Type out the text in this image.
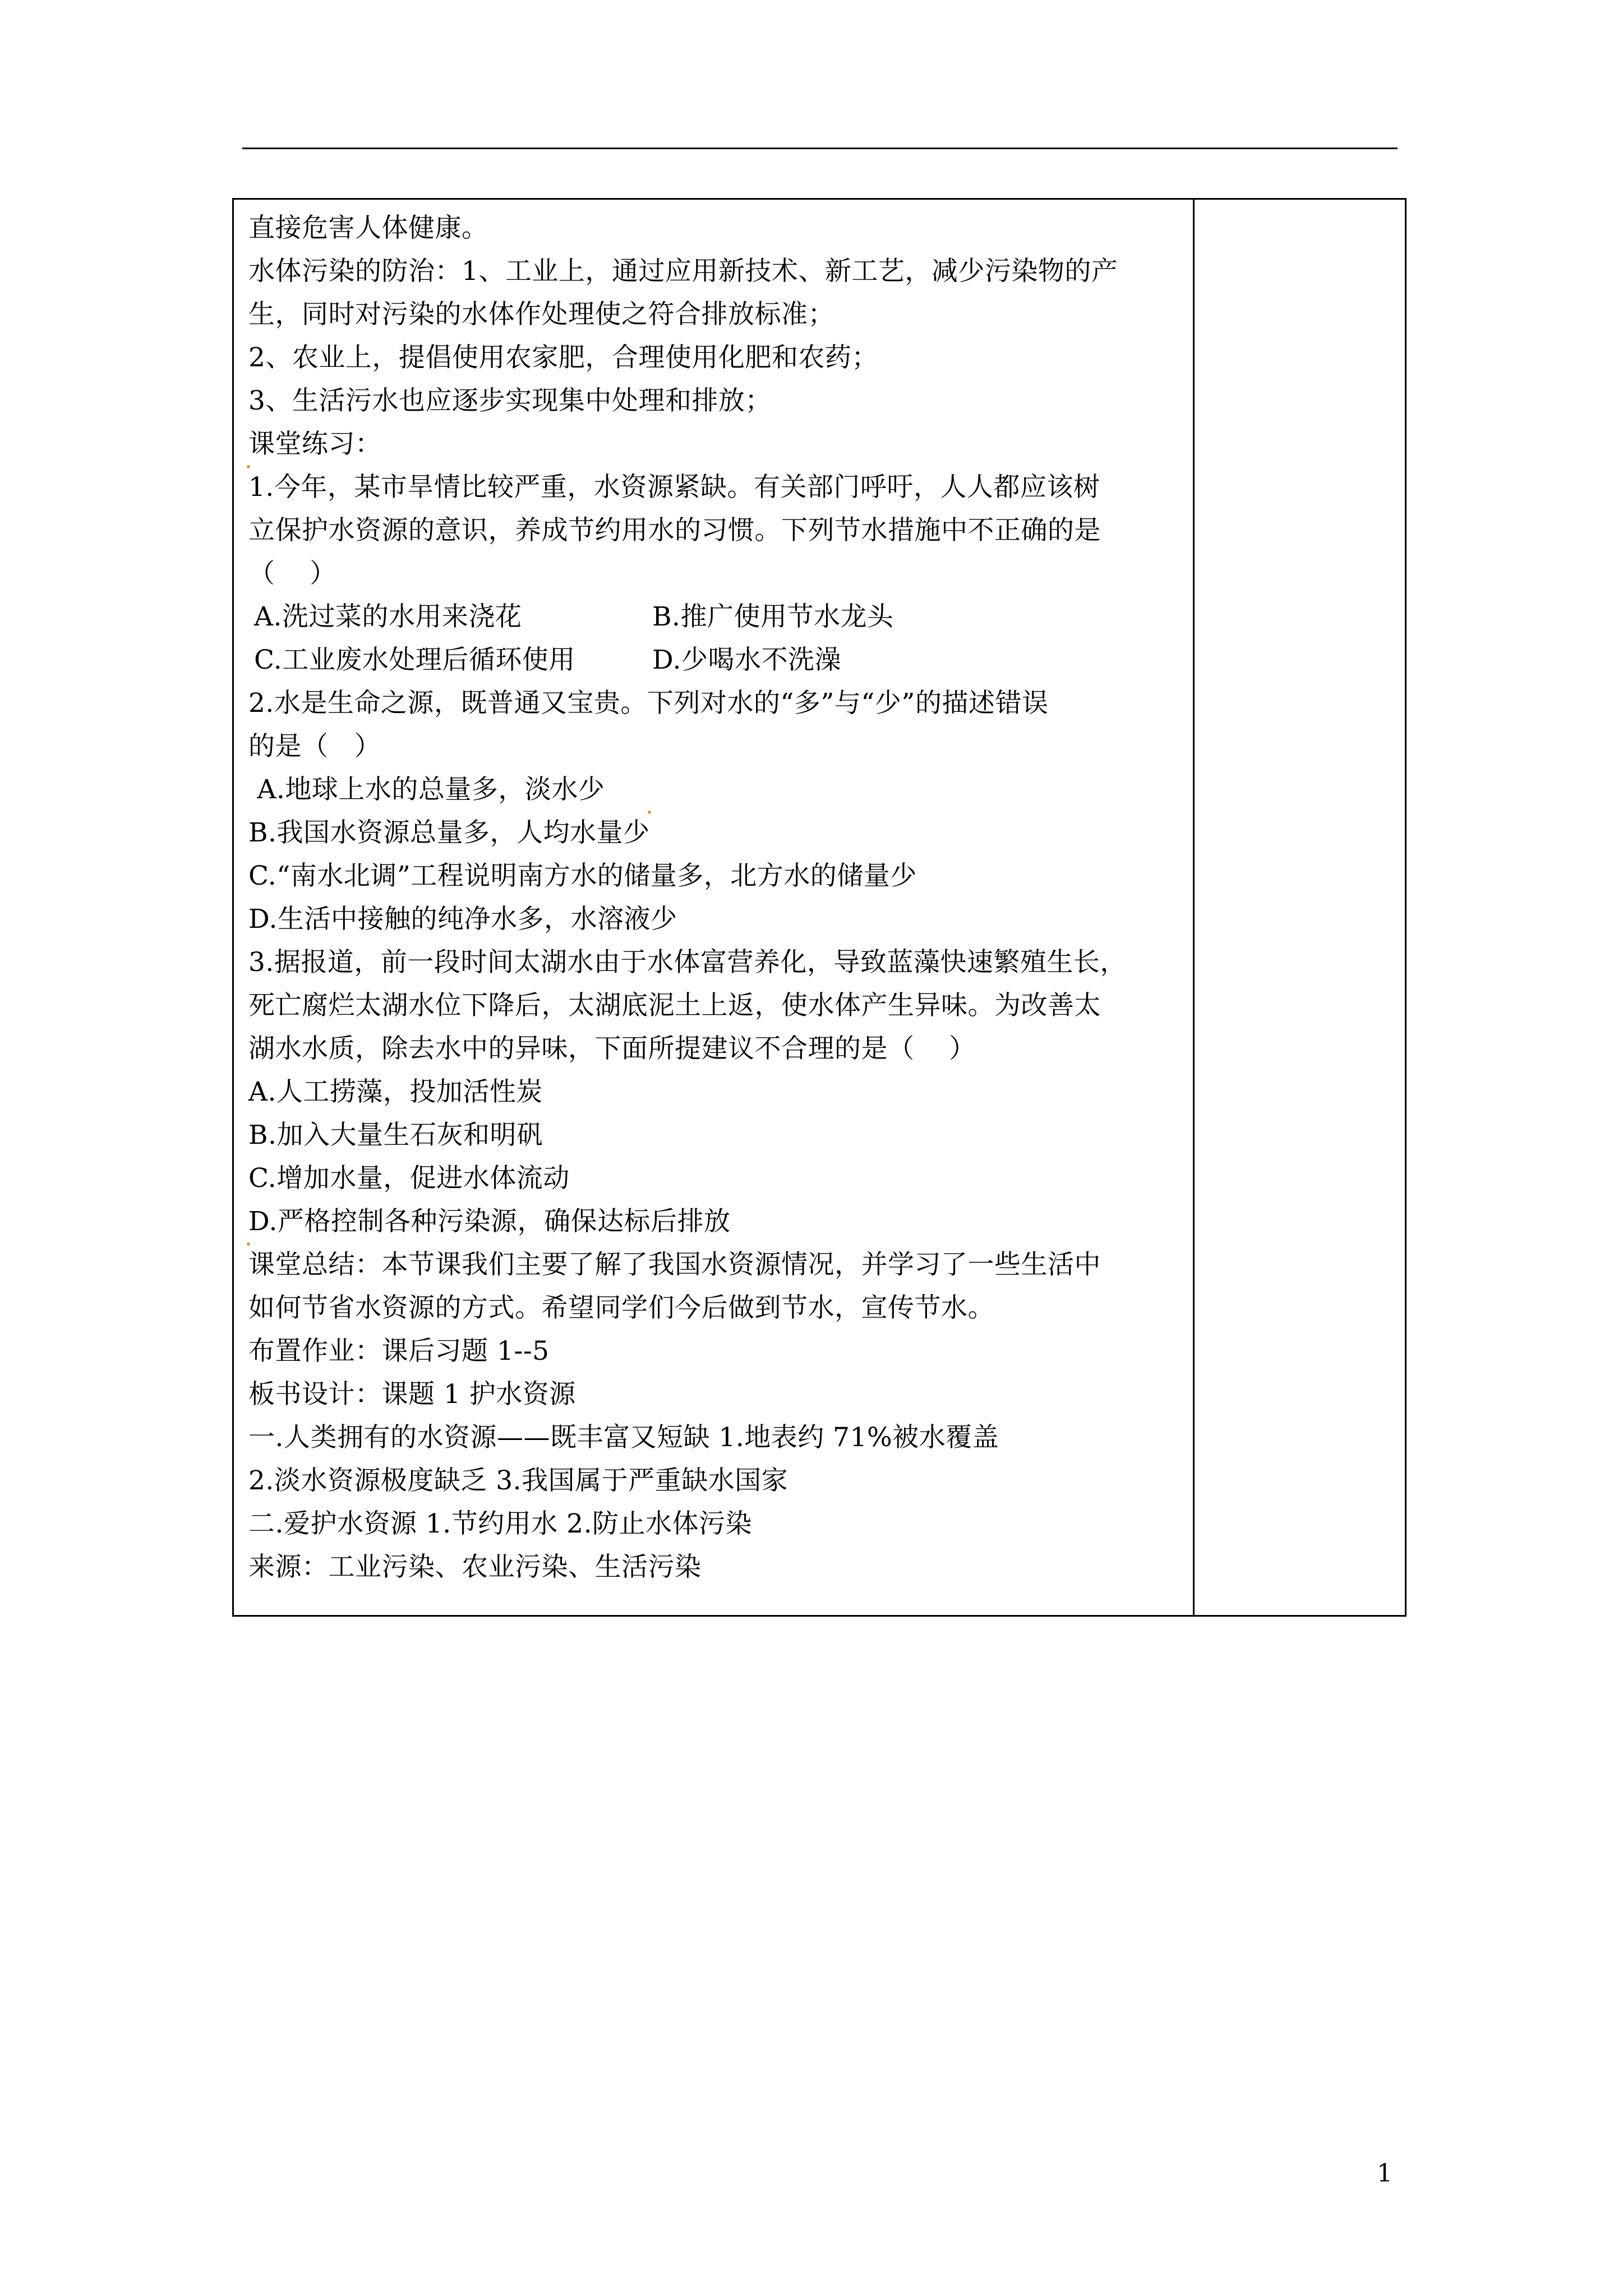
直接危害人体健康。
水体污染的防治：1、工业上，通过应用新技术、新工艺，减少污染物的产
生，同时对污染的水体作处理使之符合排放标准；
2、农业上，提倡使用农家肥，合理使用化肥和农药；
3、生活污水也应逐步实现集中处理和排放；
课堂练习：
1.今年，某市旱情比较严重，水资源紧缺。有关部门呼吁，人人都应该树
立保护水资源的意识，养成节约用水的习惯。下列节水措施中不正确的是
（    ）
A.洗过菜的水用来浇花	B.推广使用节水龙头
C.工业废水处理后循环使用	D.少喝水不洗澡
2.水是生命之源，既普通又宝贵。下列对水的“多”与“少”的描述错误
的是（   ）
A.地球上水的总量多，淡水少
B.我国水资源总量多，人均水量少
C.“南水北调”工程说明南方水的储量多，北方水的储量少
D.生活中接触的纯净水多，水溶液少
3.据报道，前一段时间太湖水由于水体富营养化，导致蓝藻快速繁殖生长，
死亡腐烂太湖水位下降后，太湖底泥土上返，使水体产生异味。为改善太
湖水水质，除去水中的异味，下面所提建议不合理的是（    ）
A.人工捞藻，投加活性炭
B.加入大量生石灰和明矾
C.增加水量，促进水体流动
D.严格控制各种污染源，确保达标后排放
课堂总结：本节课我们主要了解了我国水资源情况，并学习了一些生活中
如何节省水资源的方式。希望同学们今后做到节水，宣传节水。
布置作业：课后习题 1--5
板书设计：课题 1 护水资源
一.人类拥有的水资源——既丰富又短缺 1.地表约 71%被水覆盖
2.淡水资源极度缺乏 3.我国属于严重缺水国家
二.爱护水资源 1.节约用水 2.防止水体污染
来源：工业污染、农业污染、生活污染
1
